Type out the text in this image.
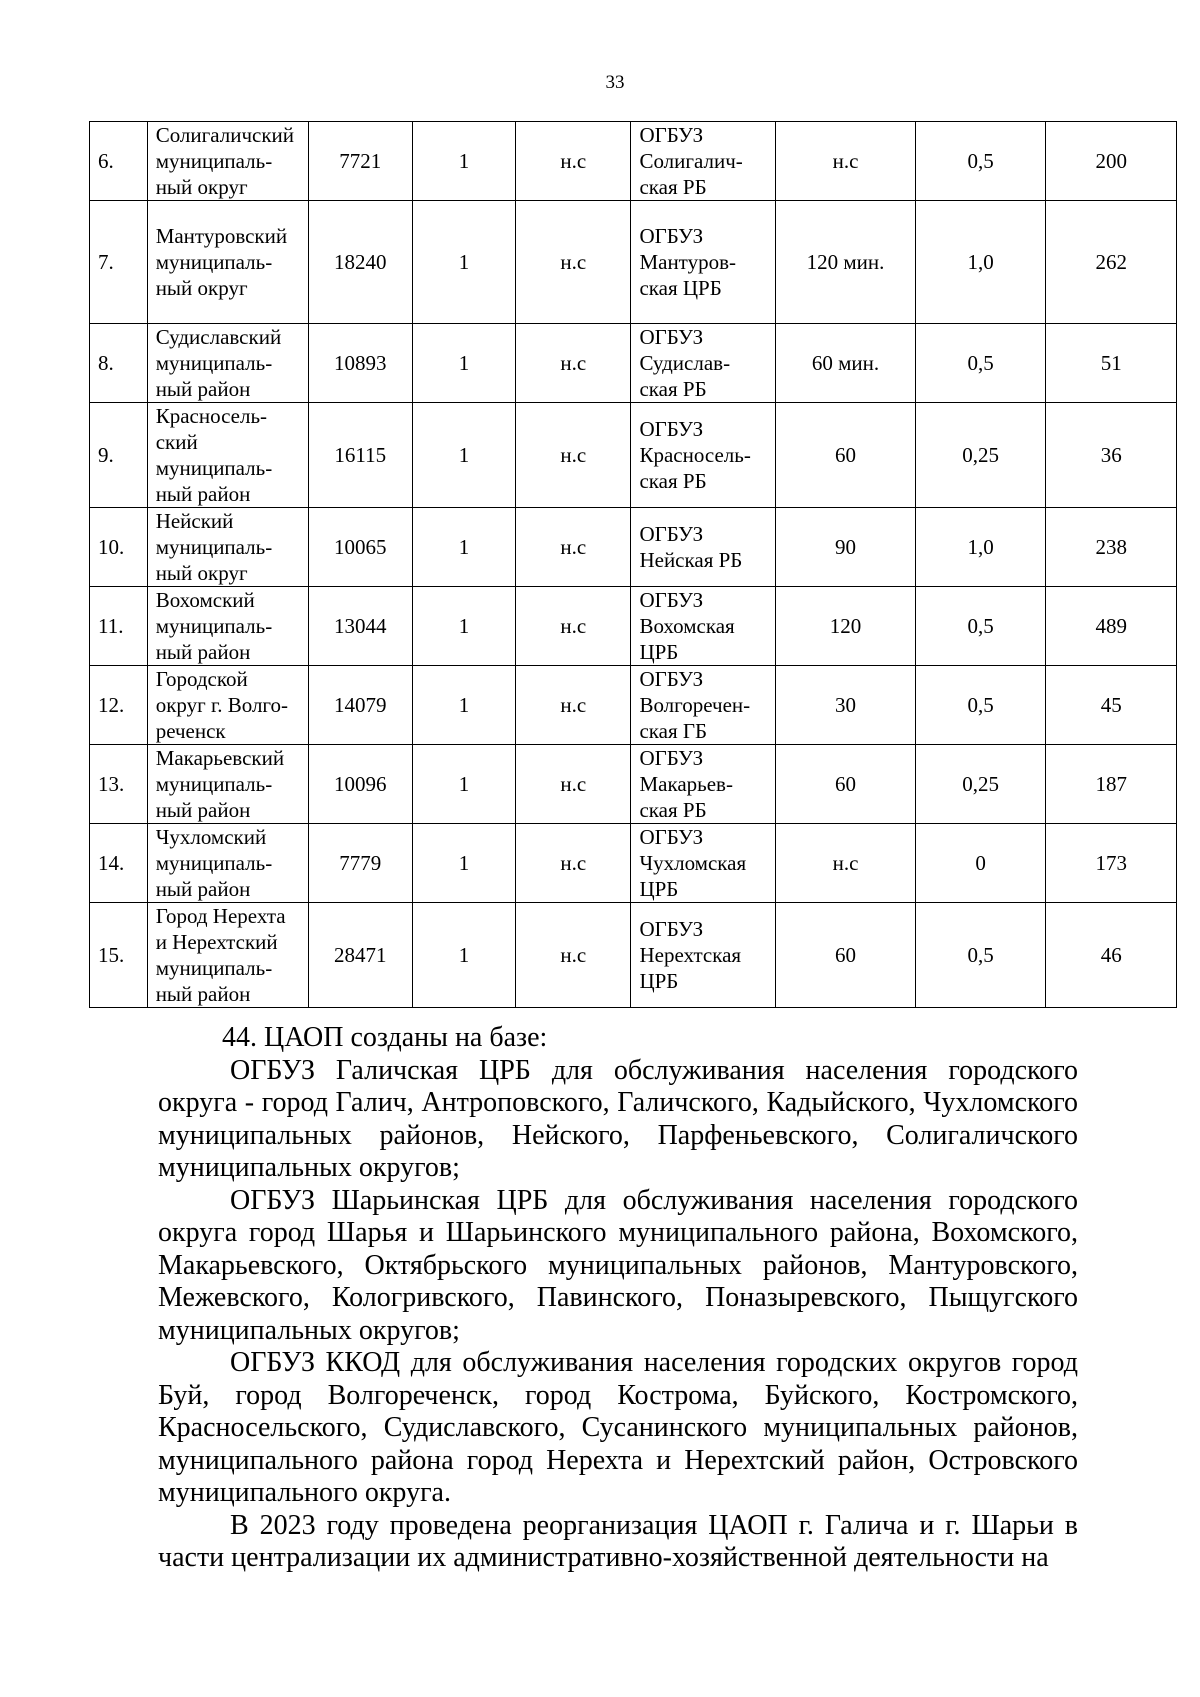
33
6.	Солигаличский
муниципаль-
ный округ	7721	1	н.с	ОГБУЗ
Солигалич-
ская РБ	н.с	0,5	200
7.	Мантуровский
муниципаль-
ный округ	18240	1	н.с	ОГБУЗ
Мантуров-
ская ЦРБ	120 мин.	1,0	262
8.	Судиславский
муниципаль-
ный район	10893	1	н.с	ОГБУЗ
Судислав-
ская РБ	60 мин.	0,5	51
9.	Красносель-
ский
муниципаль-
ный район	16115	1	н.с	ОГБУЗ
Красносель-
ская РБ	60	0,25	36
10.	Нейский
муниципаль-
ный округ	10065	1	н.с	ОГБУЗ
Нейская РБ	90	1,0	238
11.	Вохомский
муниципаль-
ный район	13044	1	н.с	ОГБУЗ
Вохомская
ЦРБ	120	0,5	489
12.	Городской
округ г. Волго-
реченск	14079	1	н.с	ОГБУЗ
Волгоречен-
ская ГБ	30	0,5	45
13.	Макарьевский
муниципаль-
ный район	10096	1	н.с	ОГБУЗ
Макарьев-
ская РБ	60	0,25	187
14.	Чухломский
муниципаль-
ный район	7779	1	н.с	ОГБУЗ
Чухломская
ЦРБ	н.с	0	173
15.	Город Нерехта
и Нерехтский
муниципаль-
ный район	28471	1	н.с	ОГБУЗ
Нерехтская
ЦРБ	60	0,5	46

44. ЦАОП созданы на базе:

ОГБУЗ Галичская ЦРБ для обслуживания населения городского округа - город Галич, Антроповского, Галичского, Кадыйского, Чухломского муниципальных районов, Нейского, Парфеньевского, Солигаличского муниципальных округов;

ОГБУЗ Шарьинская ЦРБ для обслуживания населения городского округа город Шарья и Шарьинского муниципального района, Вохомского, Макарьевского, Октябрьского муниципальных районов, Мантуровского, Межевского, Кологривского, Павинского, Поназыревского, Пыщугского муниципальных округов;

ОГБУЗ ККОД для обслуживания населения городских округов город Буй, город Волгореченск, город Кострома, Буйского, Костромского, Красносельского, Судиславского, Сусанинского муниципальных районов, муниципального района город Нерехта и Нерехтский район, Островского муниципального округа.

В 2023 году проведена реорганизация ЦАОП г. Галича и г. Шарьи в части централизации их административно-хозяйственной деятельности на
